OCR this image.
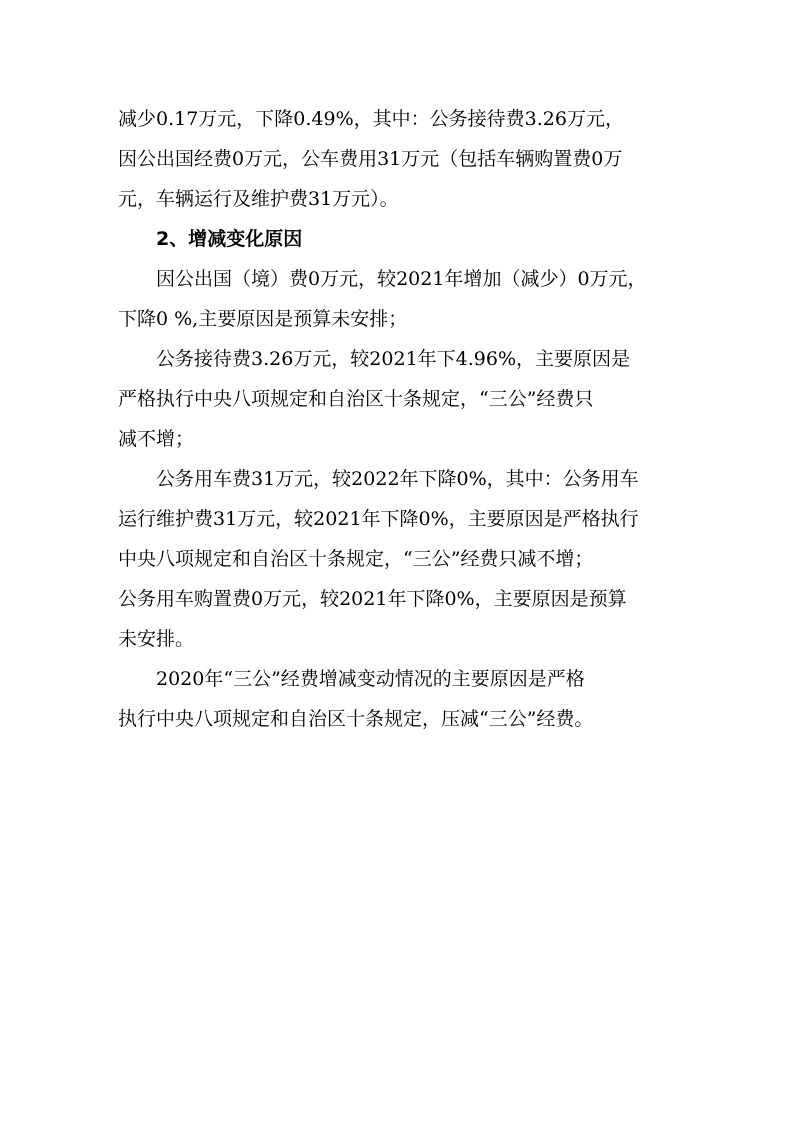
减少0.17万元，下降0.49%，其中：公务接待费3.26万元，
因公出国经费0万元，公车费用31万元（包括车辆购置费0万
元，车辆运行及维护费31万元）。
2、增减变化原因
因公出国（境）费0万元，较2021年增加（减少）0万元，
下降0 %,主要原因是预算未安排；
公务接待费3.26万元，较2021年下4.96%，主要原因是
严格执行中央八项规定和自治区十条规定，“三公”经费只
减不增；
公务用车费31万元，较2022年下降0%，其中：公务用车
运行维护费31万元，较2021年下降0%，主要原因是严格执行
中央八项规定和自治区十条规定，“三公”经费只减不增；
公务用车购置费0万元，较2021年下降0%，主要原因是预算
未安排。
2020年“三公”经费增减变动情况的主要原因是严格
执行中央八项规定和自治区十条规定，压减“三公”经费。
